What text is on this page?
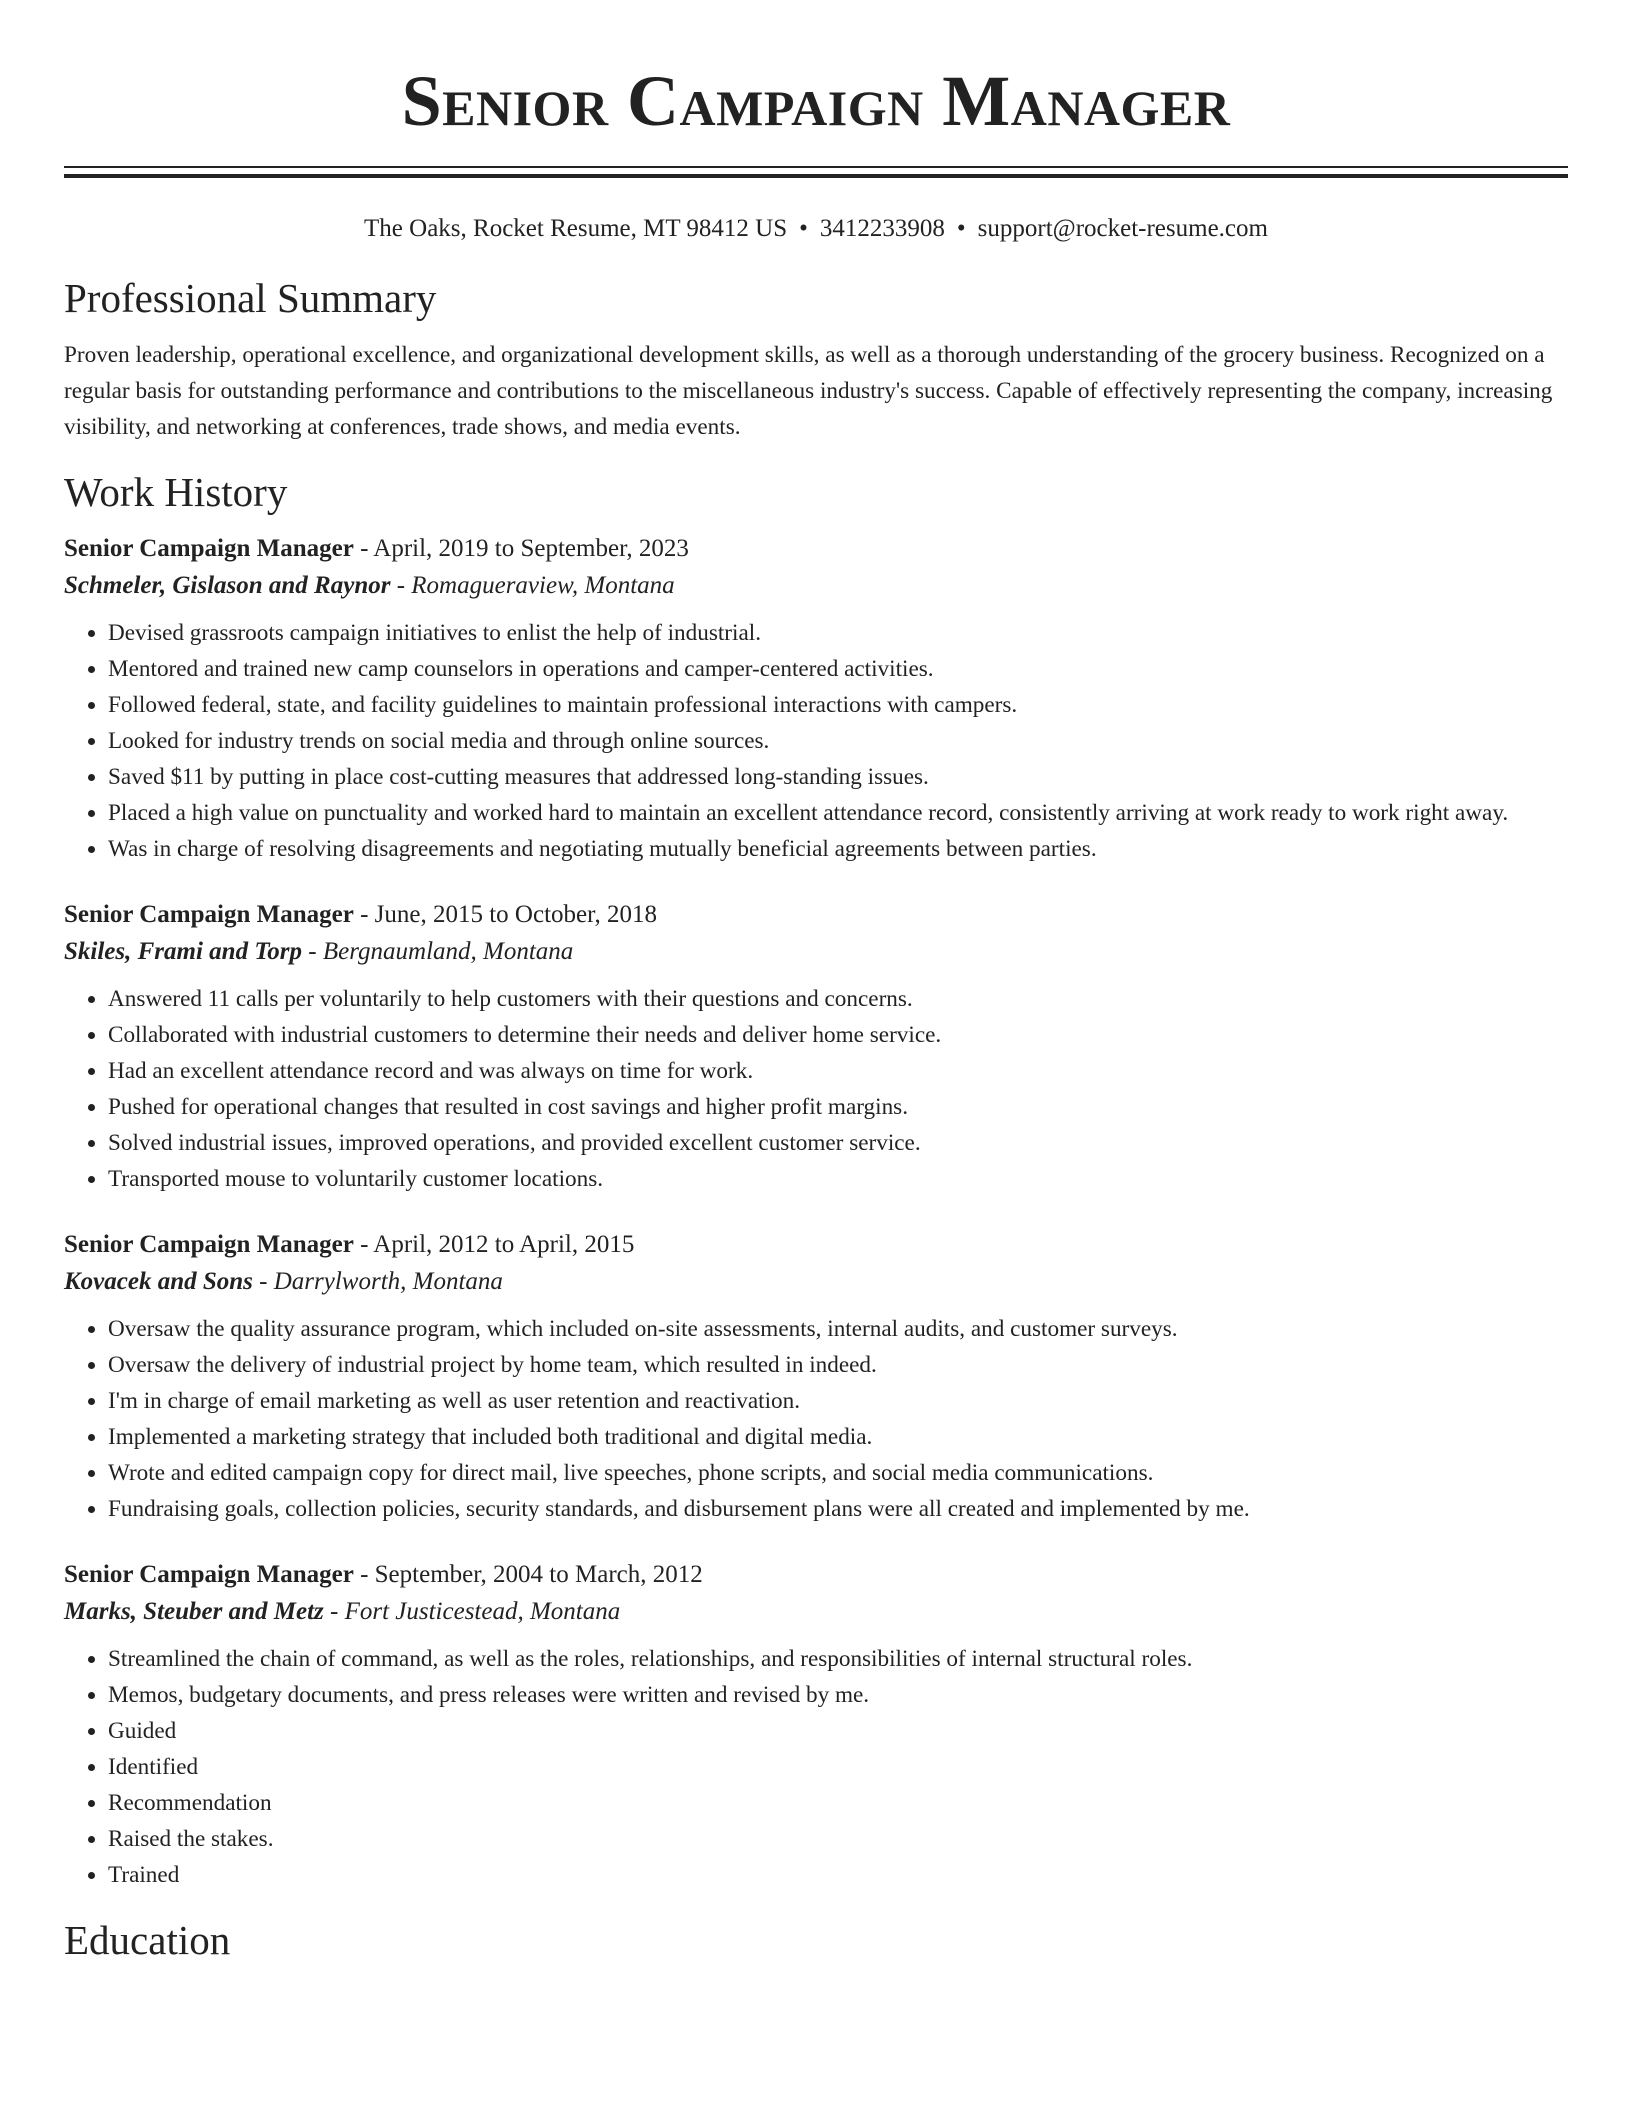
Senior Campaign Manager
The Oaks, Rocket Resume, MT 98412 US • 3412233908 • support@rocket-resume.com
Professional Summary
Proven leadership, operational excellence, and organizational development skills, as well as a thorough understanding of the grocery business. Recognized on a regular basis for outstanding performance and contributions to the miscellaneous industry's success. Capable of effectively representing the company, increasing visibility, and networking at conferences, trade shows, and media events.
Work History
Senior Campaign Manager - April, 2019 to September, 2023
Schmeler, Gislason and Raynor - Romagueraview, Montana
• Devised grassroots campaign initiatives to enlist the help of industrial.
• Mentored and trained new camp counselors in operations and camper-centered activities.
• Followed federal, state, and facility guidelines to maintain professional interactions with campers.
• Looked for industry trends on social media and through online sources.
• Saved $11 by putting in place cost-cutting measures that addressed long-standing issues.
• Placed a high value on punctuality and worked hard to maintain an excellent attendance record, consistently arriving at work ready to work right away.
• Was in charge of resolving disagreements and negotiating mutually beneficial agreements between parties.
Senior Campaign Manager - June, 2015 to October, 2018
Skiles, Frami and Torp - Bergnaumland, Montana
• Answered 11 calls per voluntarily to help customers with their questions and concerns.
• Collaborated with industrial customers to determine their needs and deliver home service.
• Had an excellent attendance record and was always on time for work.
• Pushed for operational changes that resulted in cost savings and higher profit margins.
• Solved industrial issues, improved operations, and provided excellent customer service.
• Transported mouse to voluntarily customer locations.
Senior Campaign Manager - April, 2012 to April, 2015
Kovacek and Sons - Darrylworth, Montana
• Oversaw the quality assurance program, which included on-site assessments, internal audits, and customer surveys.
• Oversaw the delivery of industrial project by home team, which resulted in indeed.
• I'm in charge of email marketing as well as user retention and reactivation.
• Implemented a marketing strategy that included both traditional and digital media.
• Wrote and edited campaign copy for direct mail, live speeches, phone scripts, and social media communications.
• Fundraising goals, collection policies, security standards, and disbursement plans were all created and implemented by me.
Senior Campaign Manager - September, 2004 to March, 2012
Marks, Steuber and Metz - Fort Justicestead, Montana
• Streamlined the chain of command, as well as the roles, relationships, and responsibilities of internal structural roles.
• Memos, budgetary documents, and press releases were written and revised by me.
• Guided
• Identified
• Recommendation
• Raised the stakes.
• Trained
Education
